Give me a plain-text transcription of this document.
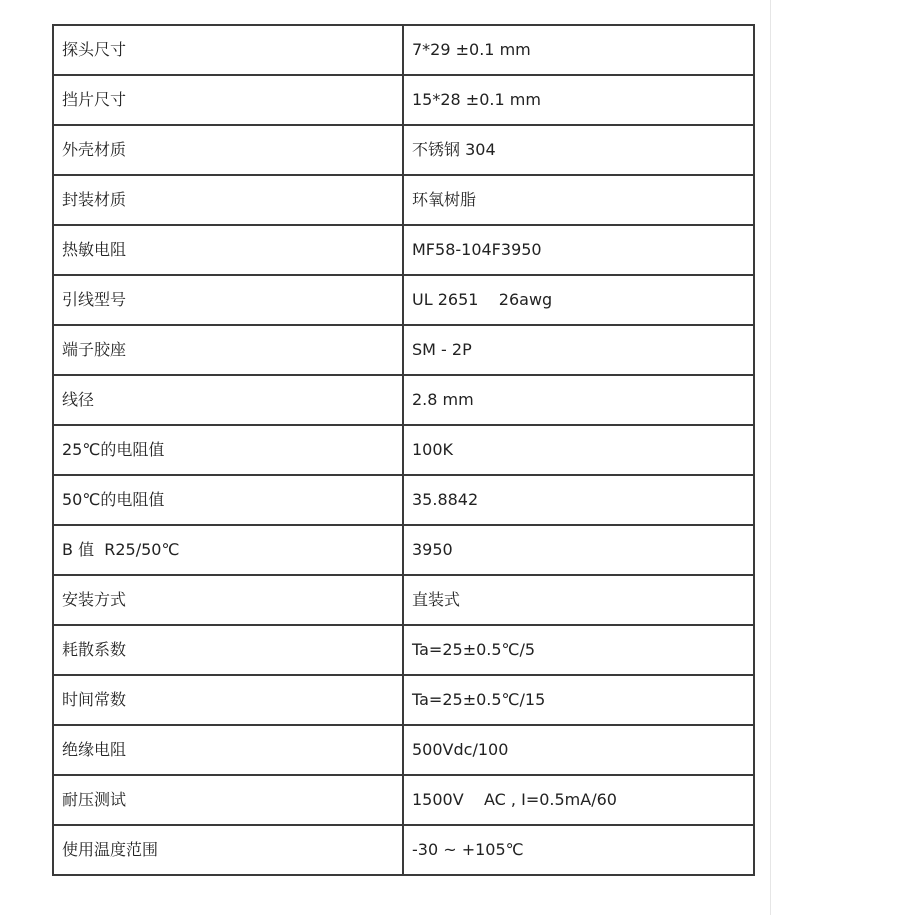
探头尺寸	7*29 ±0.1 mm
挡片尺寸	15*28 ±0.1 mm
外壳材质	不锈钢 304
封装材质	环氧树脂
热敏电阻	MF58-104F3950
引线型号	UL 2651    26awg
端子胶座	SM - 2P
线径	2.8 mm
25℃的电阻值	100K
50℃的电阻值	35.8842
B 值  R25/50℃	3950
安装方式	直装式
耗散系数	Ta=25±0.5℃/5
时间常数	Ta=25±0.5℃/15
绝缘电阻	500Vdc/100
耐压测试	1500V    AC , I=0.5mA/60
使用温度范围	-30 ~ +105℃
